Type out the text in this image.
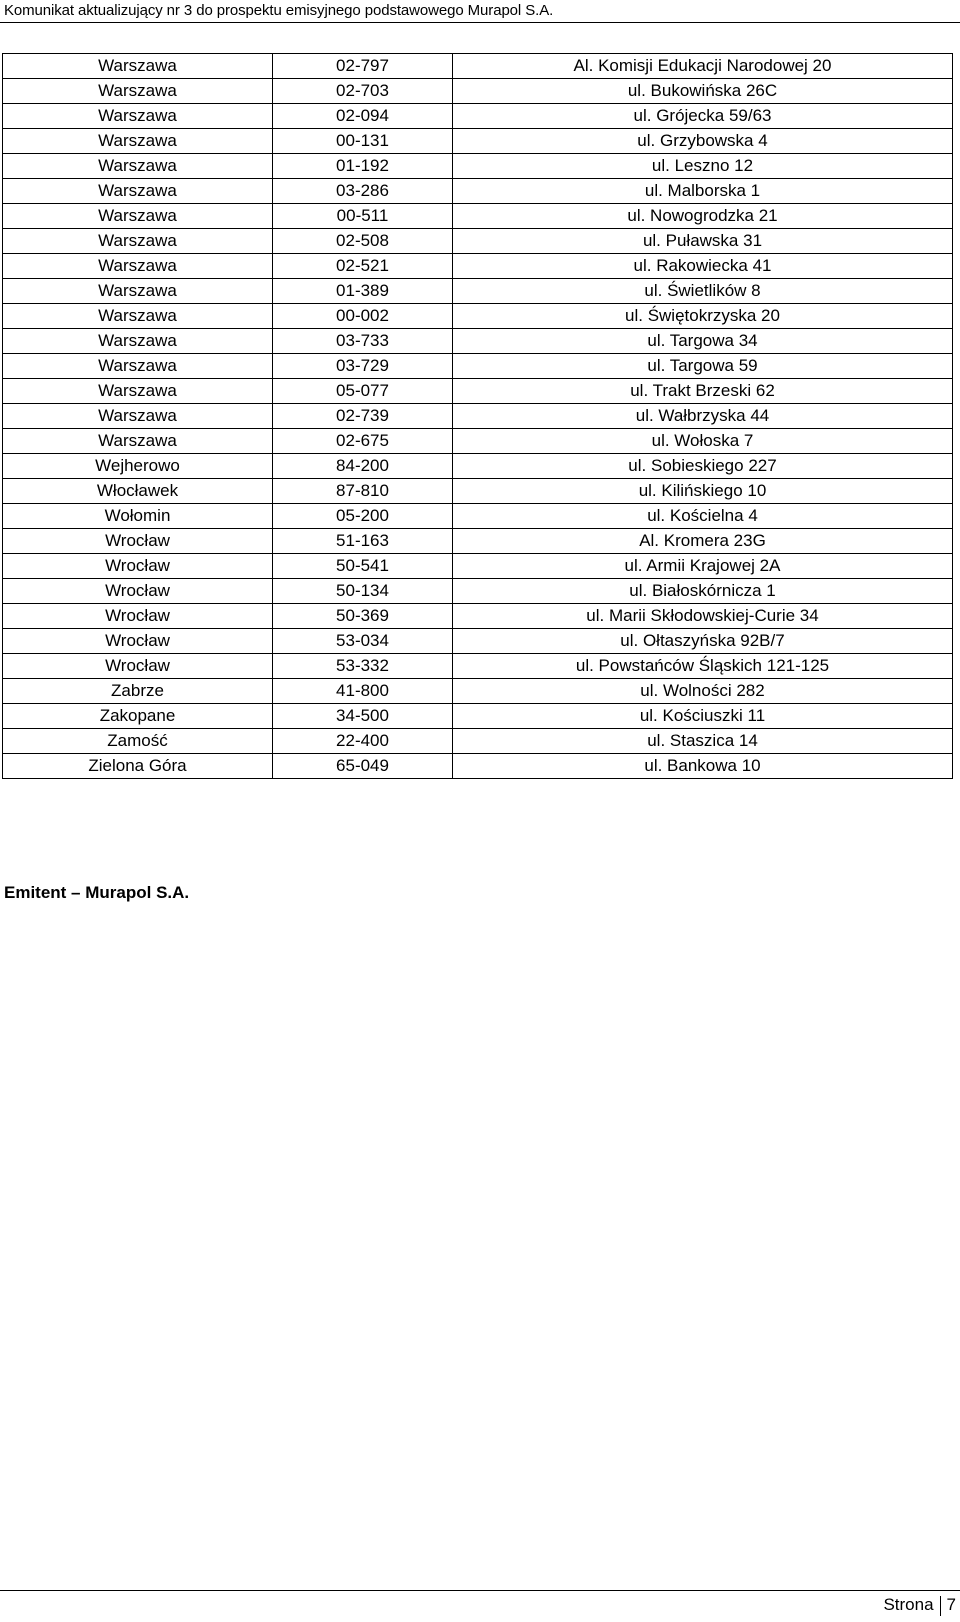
Komunikat aktualizujący nr 3 do prospektu emisyjnego podstawowego Murapol S.A.
Warszawa	02-797	Al. Komisji Edukacji Narodowej 20
Warszawa	02-703	ul. Bukowińska 26C
Warszawa	02-094	ul. Grójecka 59/63
Warszawa	00-131	ul. Grzybowska 4
Warszawa	01-192	ul. Leszno 12
Warszawa	03-286	ul. Malborska 1
Warszawa	00-511	ul. Nowogrodzka 21
Warszawa	02-508	ul. Puławska 31
Warszawa	02-521	ul. Rakowiecka 41
Warszawa	01-389	ul. Świetlików 8
Warszawa	00-002	ul. Świętokrzyska 20
Warszawa	03-733	ul. Targowa 34
Warszawa	03-729	ul. Targowa 59
Warszawa	05-077	ul. Trakt Brzeski 62
Warszawa	02-739	ul. Wałbrzyska 44
Warszawa	02-675	ul. Wołoska 7
Wejherowo	84-200	ul. Sobieskiego 227
Włocławek	87-810	ul. Kilińskiego 10
Wołomin	05-200	ul. Kościelna 4
Wrocław	51-163	Al. Kromera 23G
Wrocław	50-541	ul. Armii Krajowej 2A
Wrocław	50-134	ul. Białoskórnicza 1
Wrocław	50-369	ul. Marii Skłodowskiej-Curie 34
Wrocław	53-034	ul. Ołtaszyńska 92B/7
Wrocław	53-332	ul. Powstańców Śląskich 121-125
Zabrze	41-800	ul. Wolności 282
Zakopane	34-500	ul. Kościuszki 11
Zamość	22-400	ul. Staszica 14
Zielona Góra	65-049	ul. Bankowa 10
Emitent – Murapol S.A.
Strona 7
